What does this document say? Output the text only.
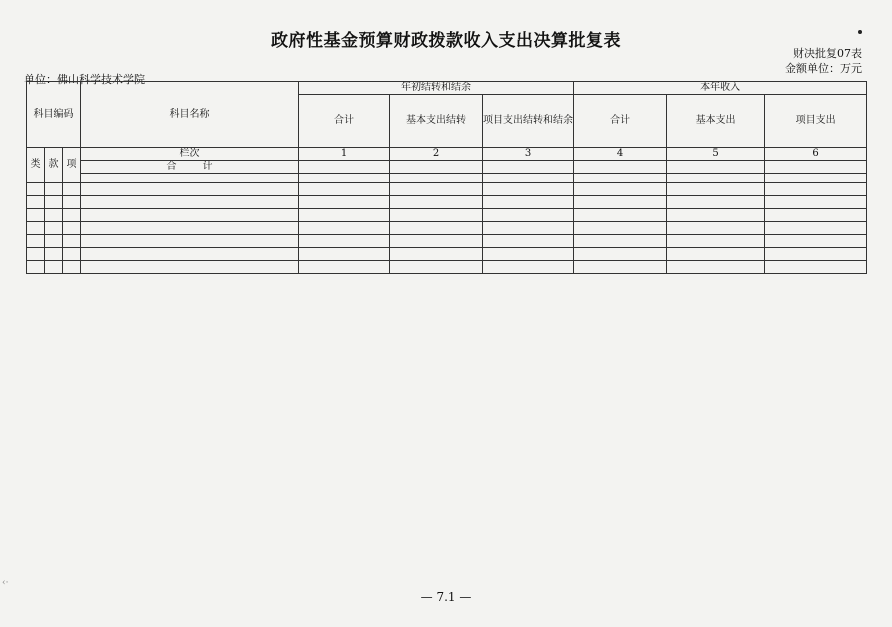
政府性基金预算财政拨款收入支出决算批复表
财决批复07表
金额单位：万元
单位：佛山科学技术学院
科目编码			科目名称	年初结转和结余			本年收入		
				合计	基本支出结转	项目支出结转和结余	合计	基本支出	项目支出
类	款	项	栏次	1	2	3	4	5	6
			合计						

‹·
— 7.1 —
